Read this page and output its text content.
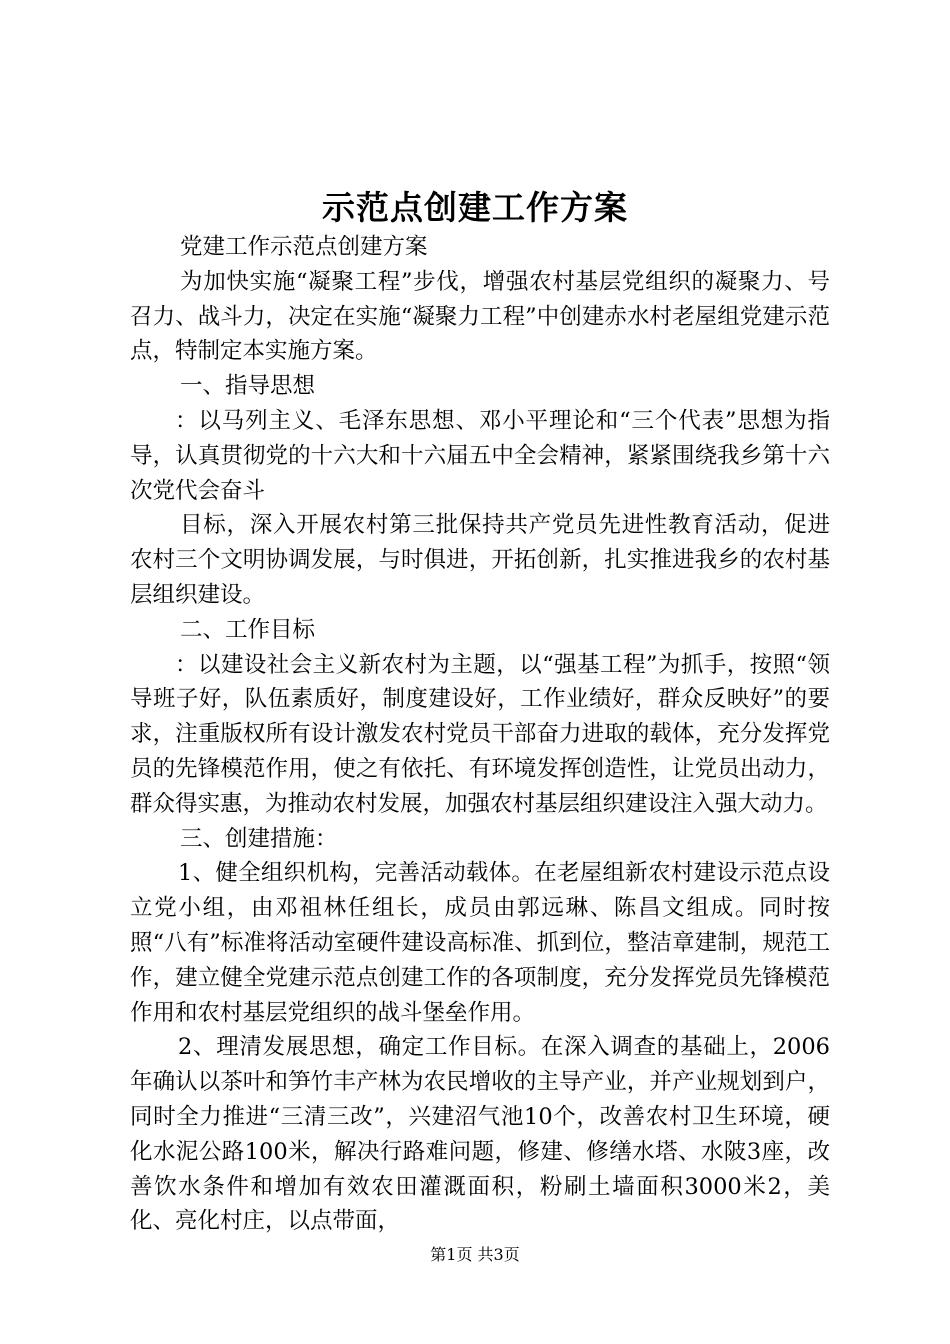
示范点创建工作方案

党建工作示范点创建方案

为加快实施“凝聚工程”步伐，增强农村基层党组织的凝聚力、号召力、战斗力，决定在实施“凝聚力工程”中创建赤水村老屋组党建示范点，特制定本实施方案。

一、指导思想

：以马列主义、毛泽东思想、邓小平理论和“三个代表”思想为指导，认真贯彻党的十六大和十六届五中全会精神，紧紧围绕我乡第十六次党代会奋斗

目标，深入开展农村第三批保持共产党员先进性教育活动，促进农村三个文明协调发展，与时俱进，开拓创新，扎实推进我乡的农村基层组织建设。

二、工作目标

：以建设社会主义新农村为主题，以“强基工程”为抓手，按照“领导班子好，队伍素质好，制度建设好，工作业绩好，群众反映好”的要求，注重版权所有设计激发农村党员干部奋力进取的载体，充分发挥党员的先锋模范作用，使之有依托、有环境发挥创造性，让党员出动力，群众得实惠，为推动农村发展，加强农村基层组织建设注入强大动力。

三、创建措施：

1、健全组织机构，完善活动载体。在老屋组新农村建设示范点设立党小组，由邓祖林任组长，成员由郭远琳、陈昌文组成。同时按照“八有”标准将活动室硬件建设高标准、抓到位，整洁章建制，规范工作，建立健全党建示范点创建工作的各项制度，充分发挥党员先锋模范作用和农村基层党组织的战斗堡垒作用。

2、理清发展思想，确定工作目标。在深入调查的基础上，2006年确认以茶叶和笋竹丰产林为农民增收的主导产业，并产业规划到户，同时全力推进“三清三改”，兴建沼气池10个，改善农村卫生环境，硬化水泥公路100米，解决行路难问题，修建、修缮水塔、水陂3座，改善饮水条件和增加有效农田灌溉面积，粉刷土墙面积3000米2，美化、亮化村庄，以点带面，

第1页 共3页
